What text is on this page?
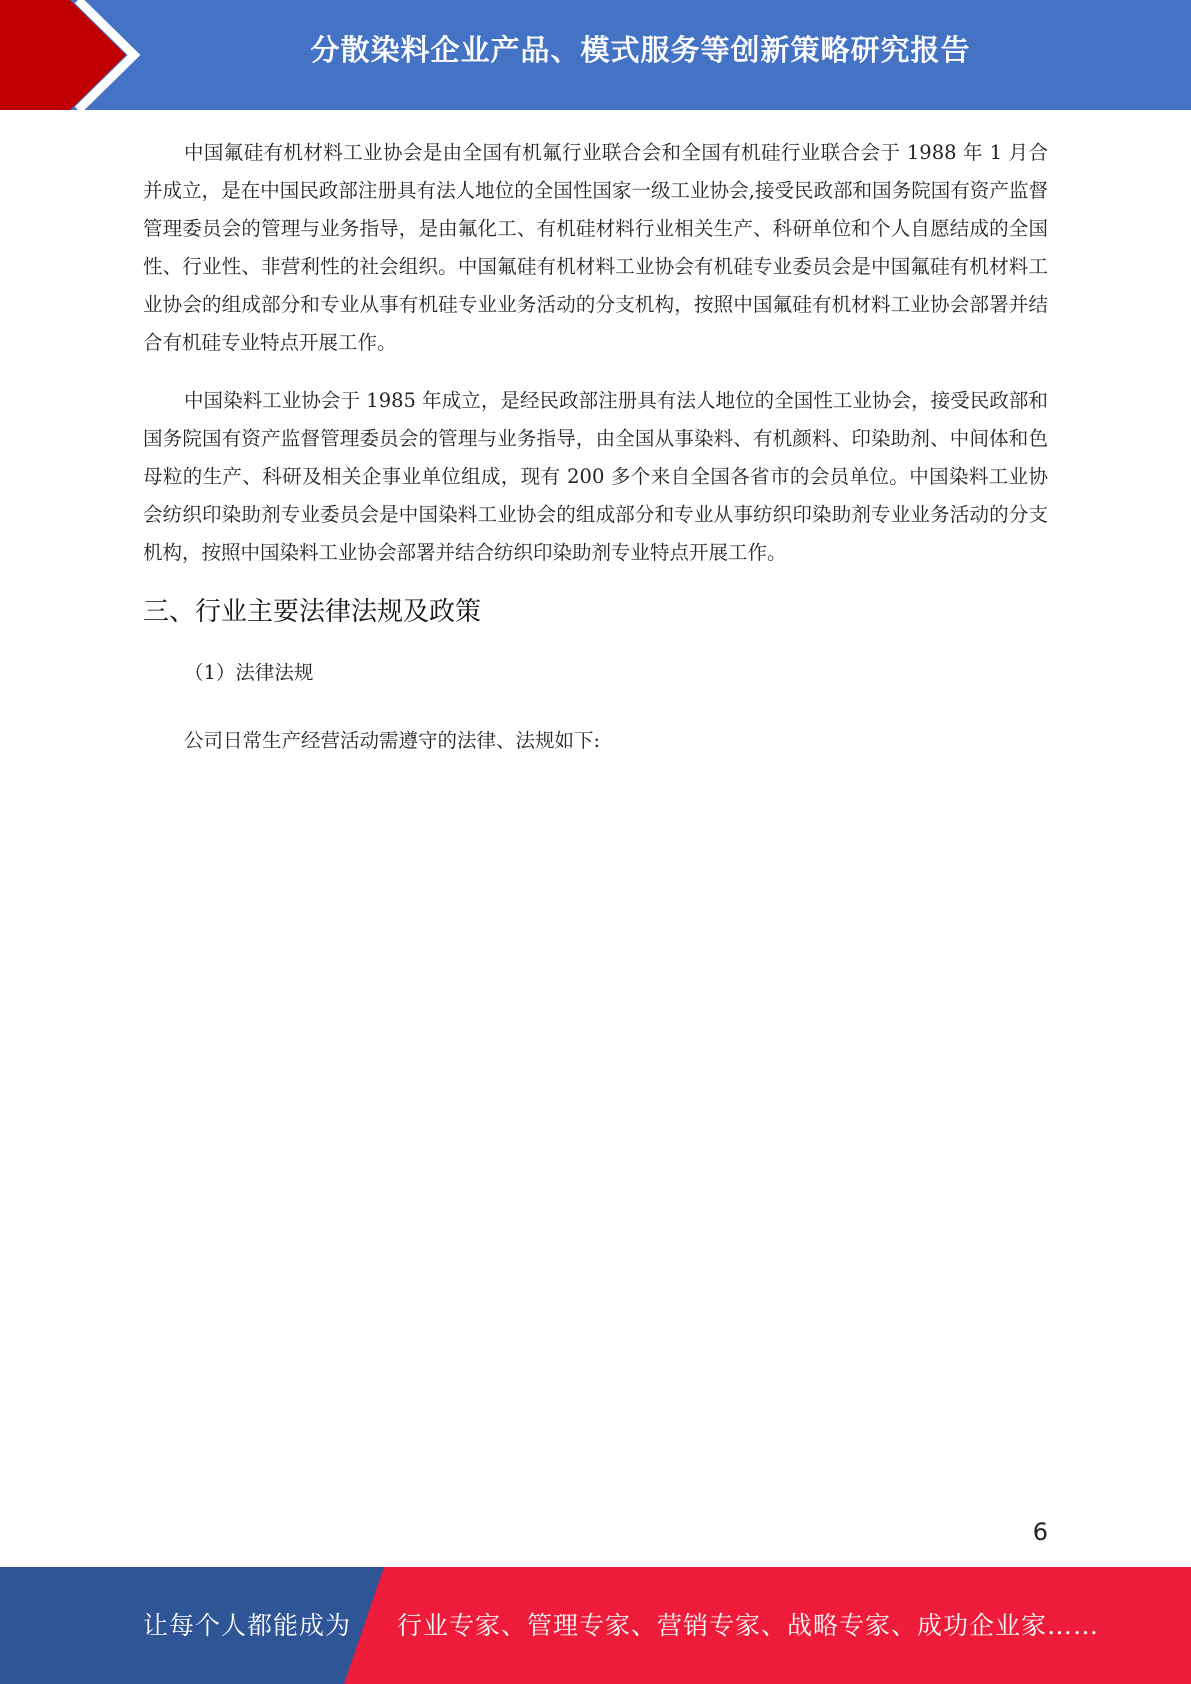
分散染料企业产品、模式服务等创新策略研究报告

中国氟硅有机材料工业协会是由全国有机氟行业联合会和全国有机硅行业联合会于 1988 年 1 月合并成立，是在中国民政部注册具有法人地位的全国性国家一级工业协会,接受民政部和国务院国有资产监督管理委员会的管理与业务指导，是由氟化工、有机硅材料行业相关生产、科研单位和个人自愿结成的全国性、行业性、非营利性的社会组织。中国氟硅有机材料工业协会有机硅专业委员会是中国氟硅有机材料工业协会的组成部分和专业从事有机硅专业业务活动的分支机构，按照中国氟硅有机材料工业协会部署并结合有机硅专业特点开展工作。

中国染料工业协会于 1985 年成立，是经民政部注册具有法人地位的全国性工业协会，接受民政部和国务院国有资产监督管理委员会的管理与业务指导，由全国从事染料、有机颜料、印染助剂、中间体和色母粒的生产、科研及相关企事业单位组成，现有 200 多个来自全国各省市的会员单位。中国染料工业协会纺织印染助剂专业委员会是中国染料工业协会的组成部分和专业从事纺织印染助剂专业业务活动的分支机构，按照中国染料工业协会部署并结合纺织印染助剂专业特点开展工作。

三、行业主要法律法规及政策

（1）法律法规

公司日常生产经营活动需遵守的法律、法规如下:

6
让每个人都能成为 行业专家、管理专家、营销专家、战略专家、成功企业家……
